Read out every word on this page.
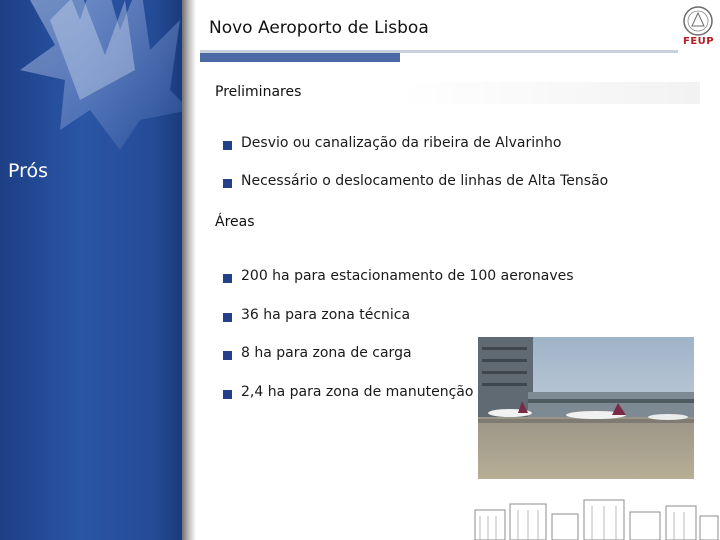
Prós
Novo Aeroporto de Lisboa
FEUP
Preliminares
Desvio ou canalização da ribeira de Alvarinho
Necessário o deslocamento de linhas de Alta Tensão
Áreas
200 ha para estacionamento de 100 aeronaves
36 ha para zona técnica
8 ha para zona de carga
2,4 ha para zona de manutenção
